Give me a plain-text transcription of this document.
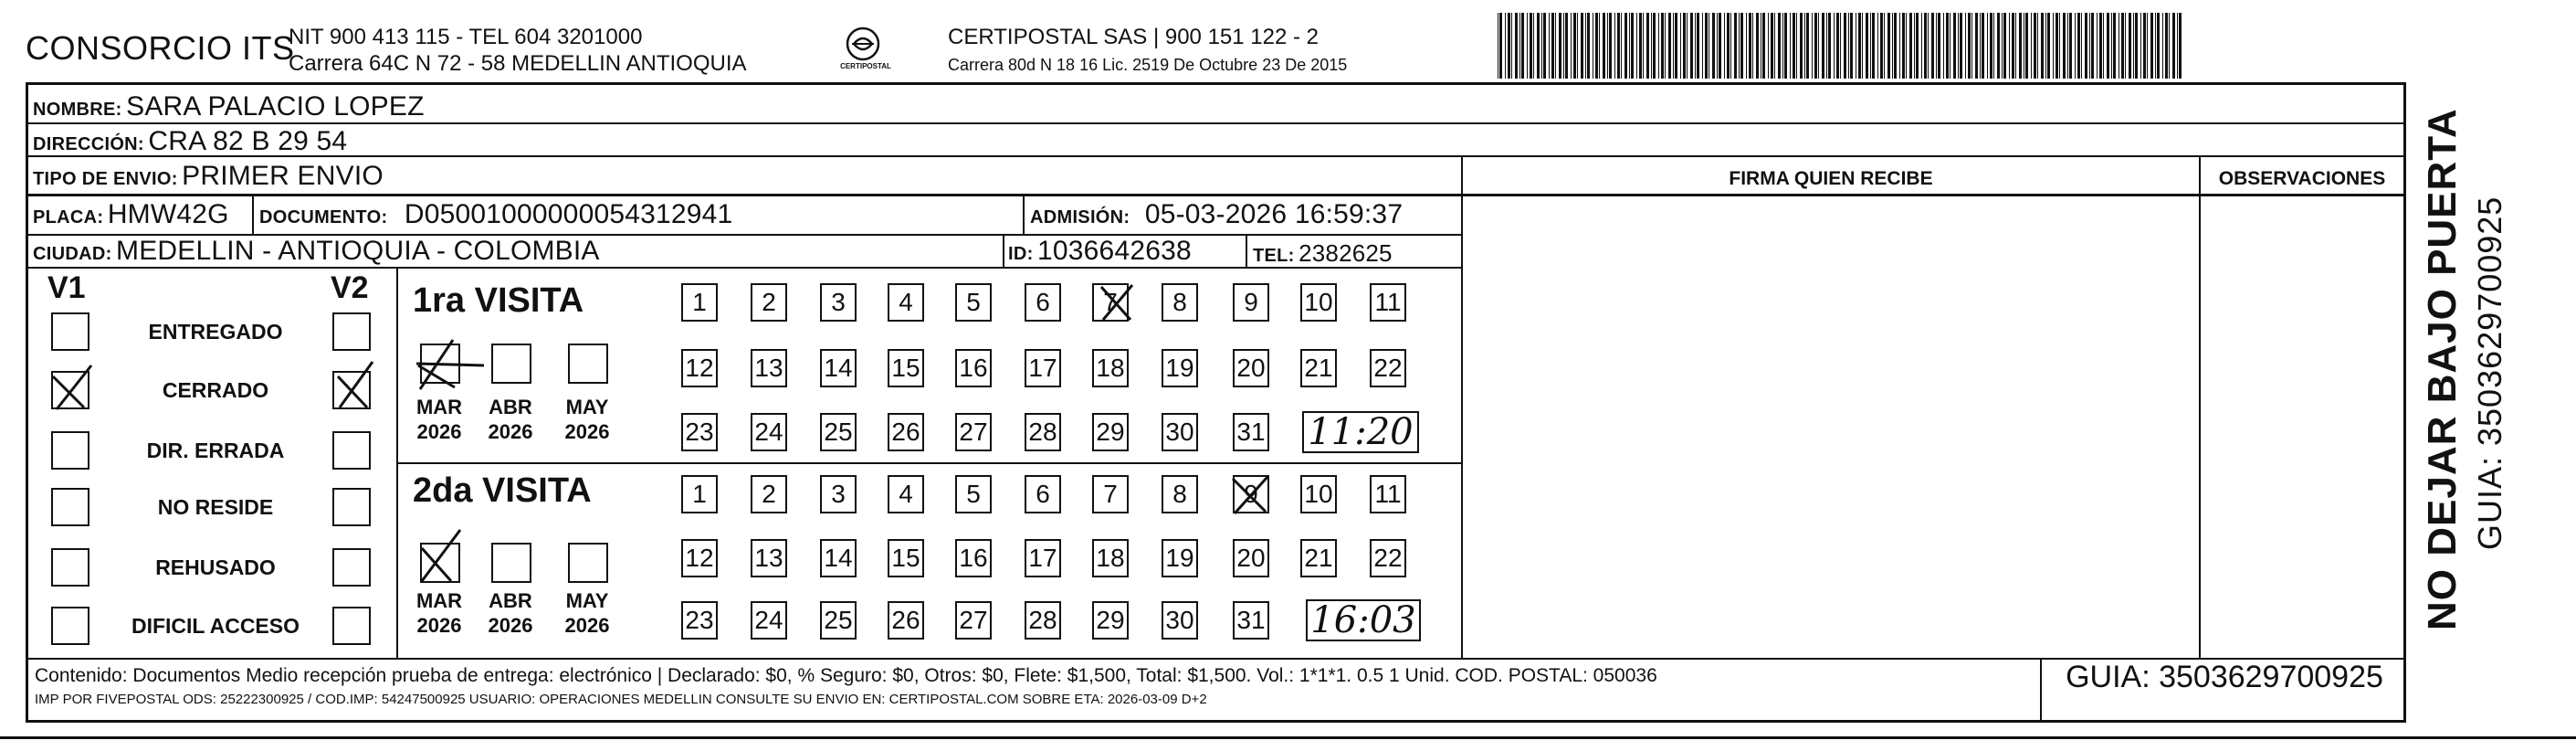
CONSORCIO ITS
NIT 900 413 115 - TEL 604 3201000
Carrera 64C N 72 - 58 MEDELLIN ANTIOQUIA	CERTIPOSTAL
CERTIPOSTAL SAS | 900 151 122 - 2
Carrera 80d N 18 16 Lic. 2519 De Octubre 23 De 2015
NOMBRE: SARA PALACIO LOPEZ
DIRECCIÓN: CRA 82 B 29 54
TIPO DE ENVIO: PRIMER ENVIO	FIRMA QUIEN RECIBE	OBSERVACIONES
PLACA: HMW42G DOCUMENTO: D05001000000054312941	ADMISIÓN: 05-03-2026 16:59:37
CIUDAD: MEDELLIN - ANTIOQUIA - COLOMBIA	ID: 1036642638	TEL: 2382625
V1	V2
ENTREGADO
CERRADO
DIR. ERRADA
NO RESIDE
REHUSADO
DIFICIL ACCESO
1ra VISITA
MAR
2026
ABR
2026
MAY
2026
1	2	3	4	5	6	7	8	9	10 11
12 13 14 15 16 17 18 19 20 21 22
23 24 25 26 27 28 29 30 31 11:20
2da VISITA
MAR
2026
ABR
2026
MAY
2026
1	2	3	4	5	6	7	8	9	10 11
12 13 14 15 16 17 18 19 20 21 22
23 24 25 26 27 28 29 30 31 16:03
Contenido: Documentos Medio recepción prueba de entrega: electrónico | Declarado: $0, % Seguro: $0, Otros: $0, Flete: $1,500, Total: $1,500. Vol.: 1*1*1. 0.5 1 Unid. COD. POSTAL: 050036
IMP POR FIVEPOSTAL ODS: 25222300925 / COD.IMP: 54247500925 USUARIO: OPERACIONES MEDELLIN CONSULTE SU ENVIO EN: CERTIPOSTAL.COM SOBRE ETA: 2026-03-09 D+2
GUIA: 3503629700925
NO DEJAR BAJO PUERTA GUIA: 3503629700925
